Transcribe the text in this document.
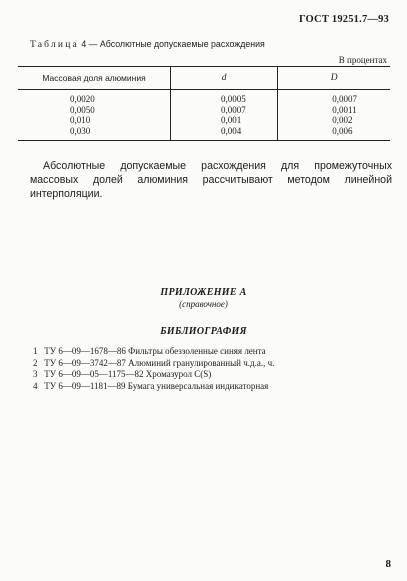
ГОСТ 19251.7—93
Таблица 4 — Абсолютные допускаемые расхождения
В процентах
Массовая доля алюминия	d	D
0,0020	0,0005	0,0007
0,0050	0,0007	0,0011
0,010	0,001	0,002
0,030	0,004	0,006
Абсолютные допускаемые расхождения для промежуточных массовых долей алюминия рассчитывают методом линейной интерполяции.
ПРИЛОЖЕНИЕ А
(справочное)
БИБЛИОГРАФИЯ
1 ТУ 6—09—1678—86 Фильтры обеззоленные синяя лента
2 ТУ 6—09—3742—87 Алюминий гранулированный ч.д.а., ч.
3 ТУ 6—09—05—1175—82 Хромазурол C(S)
4 ТУ 6—09—1181—89 Бумага универсальная индикаторная
8
